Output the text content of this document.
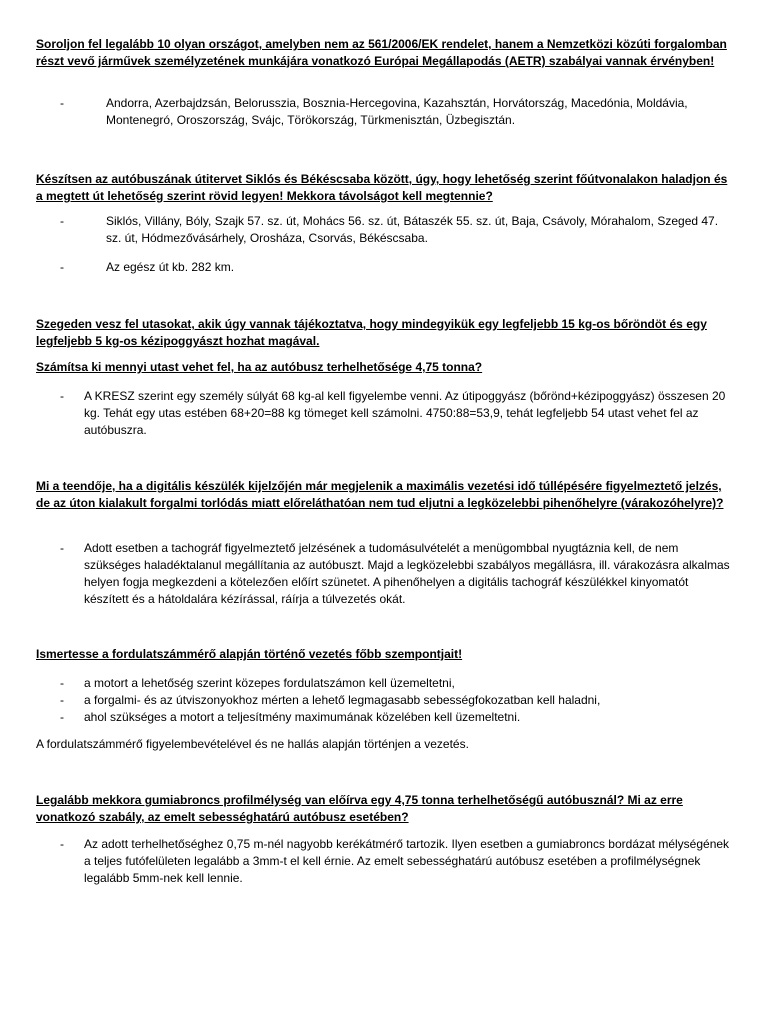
Soroljon fel legalább 10 olyan országot, amelyben nem az 561/2006/EK rendelet, hanem a Nemzetközi közúti forgalomban részt vevő járművek személyzetének munkájára vonatkozó Európai Megállapodás (AETR) szabályai vannak érvényben!

-	Andorra, Azerbajdzsán, Belorusszia, Bosznia-Hercegovina, Kazahsztán, Horvátország, Macedónia, Moldávia, Montenegró, Oroszország, Svájc, Törökország, Türkmenisztán, Üzbegisztán.

Készítsen az autóbuszának útitervet Siklós és Békéscsaba között, úgy, hogy lehetőség szerint főútvonalakon haladjon és a megtett út lehetőség szerint rövid legyen! Mekkora távolságot kell megtennie?

-	Siklós, Villány, Bóly, Szajk 57. sz. út, Mohács 56. sz. út, Bátaszék 55. sz. út, Baja, Csávoly, Mórahalom, Szeged 47. sz. út, Hódmezővásárhely, Orosháza, Csorvás, Békéscsaba.

-	Az egész út kb. 282 km.

Szegeden vesz fel utasokat, akik úgy vannak tájékoztatva, hogy mindegyikük egy legfeljebb 15 kg-os bőröndöt és egy legfeljebb 5 kg-os kézipoggyászt hozhat magával.

Számítsa ki mennyi utast vehet fel, ha az autóbusz terhelhetősége 4,75 tonna?

- A KRESZ szerint egy személy súlyát 68 kg-al kell figyelembe venni. Az útipoggyász (bőrönd+kézipoggyász) összesen 20 kg. Tehát egy utas estében 68+20=88 kg tömeget kell számolni. 4750:88=53,9, tehát legfeljebb 54 utast vehet fel az autóbuszra.

Mi a teendője, ha a digitális készülék kijelzőjén már megjelenik a maximális vezetési idő túllépésére figyelmeztető jelzés, de az úton kialakult forgalmi torlódás miatt előreláthatóan nem tud eljutni a legközelebbi pihenőhelyre (várakozóhelyre)?

- Adott esetben a tachográf figyelmeztető jelzésének a tudomásulvételét a menügombbal nyugtáznia kell, de nem szükséges haladéktalanul megállítania az autóbuszt. Majd a legközelebbi szabályos megállásra, ill. várakozásra alkalmas helyen fogja megkezdeni a kötelezően előírt szünetet. A pihenőhelyen a digitális tachográf készülékkel kinyomatót készített és a hátoldalára kézírással, ráírja a túlvezetés okát.

Ismertesse a fordulatszámmérő alapján történő vezetés főbb szempontjait!

- a motort a lehetőség szerint közepes fordulatszámon kell üzemeltetni,

- a forgalmi- és az útviszonyokhoz mérten a lehető legmagasabb sebességfokozatban kell haladni,

- ahol szükséges a motort a teljesítmény maximumának közelében kell üzemeltetni.

A fordulatszámmérő figyelembevételével és ne hallás alapján történjen a vezetés.

Legalább mekkora gumiabroncs profilmélység van előírva egy 4,75 tonna terhelhetőségű autóbusznál? Mi az erre vonatkozó szabály, az emelt sebességhatárú autóbusz esetében?

- Az adott terhelhetőséghez 0,75 m-nél nagyobb kerékátmérő tartozik. Ilyen esetben a gumiabroncs bordázat mélységének a teljes futófelületen legalább a 3mm-t el kell érnie. Az emelt sebességhatárú autóbusz esetében a profilmélységnek legalább 5mm-nek kell lennie.
